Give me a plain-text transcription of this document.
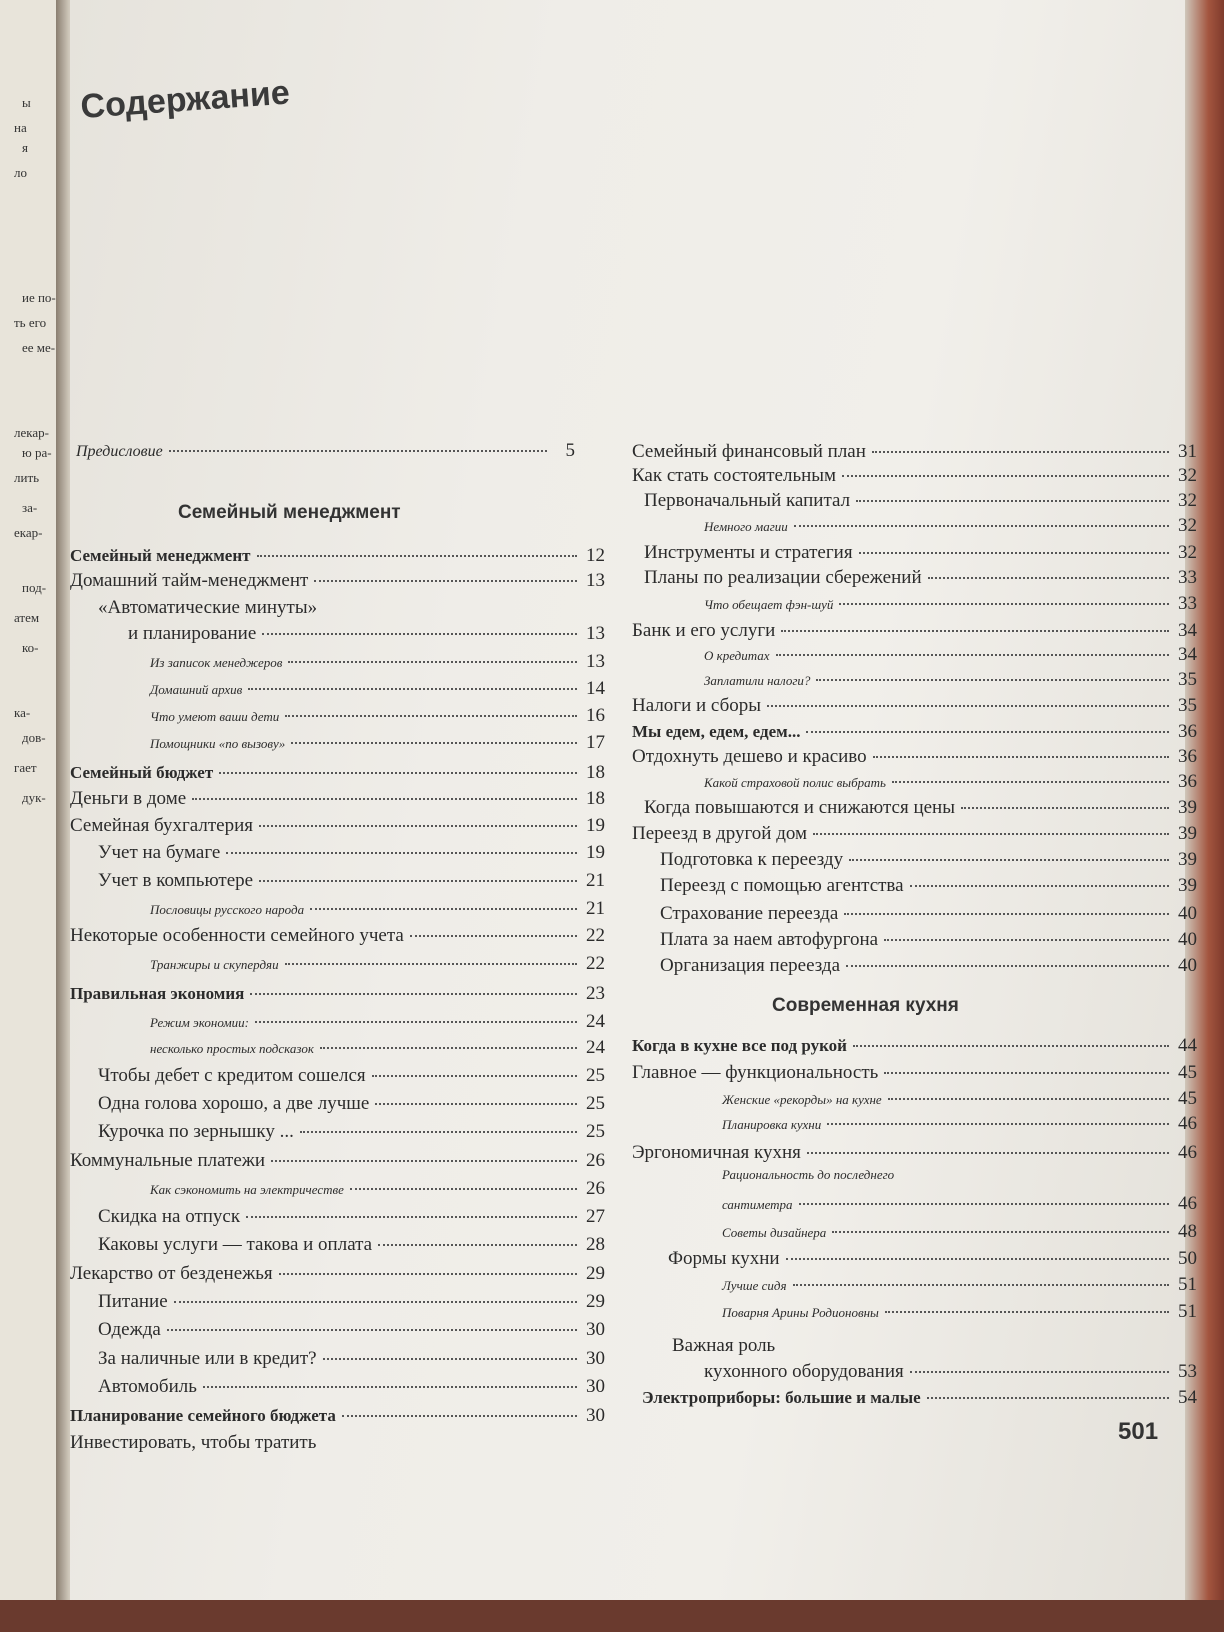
ы
на
я
ло
ие по-
ть его
ее ме-
лекар-
ю ра-
лить
за-
екар-
под-
атем
ко-
ка-
дов-
гает
дук-
Содержание
Предисловие	5
Семейный менеджмент
Семейный менеджмент	12
Домашний тайм-менеджмент	13
«Автоматические минуты»
и планирование	13
Из записок менеджеров	13
Домашний архив	14
Что умеют ваши дети	16
Помощники «по вызову»	17
Семейный бюджет	18
Деньги в доме	18
Семейная бухгалтерия	19
Учет на бумаге	19
Учет в компьютере	21
Пословицы русского народа	21
Некоторые особенности семейного учета	22
Транжиры и скупердяи	22
Правильная экономия	23
Режим экономии:	24
несколько простых подсказок	24
Чтобы дебет с кредитом сошелся	25
Одна голова хорошо, а две лучше	25
Курочка по зернышку ...	25
Коммунальные платежи	26
Как сэкономить на электричестве	26
Скидка на отпуск	27
Каковы услуги — такова и оплата	28
Лекарство от безденежья	29
Питание	29
Одежда	30
За наличные или в кредит?	30
Автомобиль	30
Планирование семейного бюджета	30
Инвестировать, чтобы тратить
Семейный финансовый план	31
Как стать состоятельным	32
Первоначальный капитал	32
Немного магии	32
Инструменты и стратегия	32
Планы по реализации сбережений	33
Что обещает фэн-шуй	33
Банк и его услуги	34
О кредитах	34
Заплатили налоги?	35
Налоги и сборы	35
Мы едем, едем, едем...	36
Отдохнуть дешево и красиво	36
Какой страховой полис выбрать	36
Когда повышаются и снижаются цены	39
Переезд в другой дом	39
Подготовка к переезду	39
Переезд с помощью агентства	39
Страхование переезда	40
Плата за наем автофургона	40
Организация переезда	40
Современная кухня
Когда в кухне все под рукой	44
Главное — функциональность	45
Женские «рекорды» на кухне	45
Планировка кухни	46
Эргономичная кухня	46
Рациональность до последнего
сантиметра	46
Советы дизайнера	48
Формы кухни	50
Лучше сидя	51
Поварня Арины Родионовны	51
Важная роль
кухонного оборудования	53
Электроприборы: большие и малые	54
501
